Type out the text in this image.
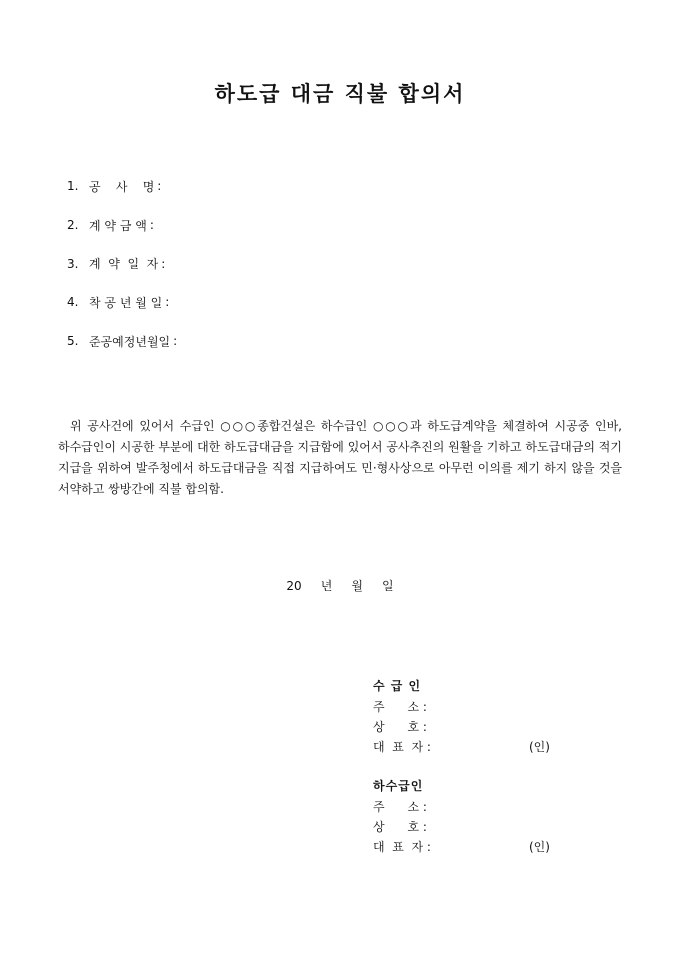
하도급 대금 직불 합의서
1. 공    사    명 :
2. 계 약 금 액 :
3. 계  약  일  자 :
4. 착 공 년 월 일 :
5. 준공예정년월일 :
위 공사건에 있어서 수급인 ○○○종합건설은 하수급인 ○○○과 하도급계약을 체결하여 시공중 인바, 하수급인이 시공한 부분에 대한 하도급대금을 지급함에 있어서 공사추진의 원활을 기하고 하도급대금의 적기 지급을 위하여 발주청에서 하도급대금을 직접 지급하여도 민·형사상으로 아무런 이의를 제기 하지 않을 것을 서약하고 쌍방간에 직불 합의함.
20     년     월     일
수 급 인
주      소 :
상      호 :
대  표  자 :	(인)
하수급인
주      소 :
상      호 :
대  표  자 :	(인)
